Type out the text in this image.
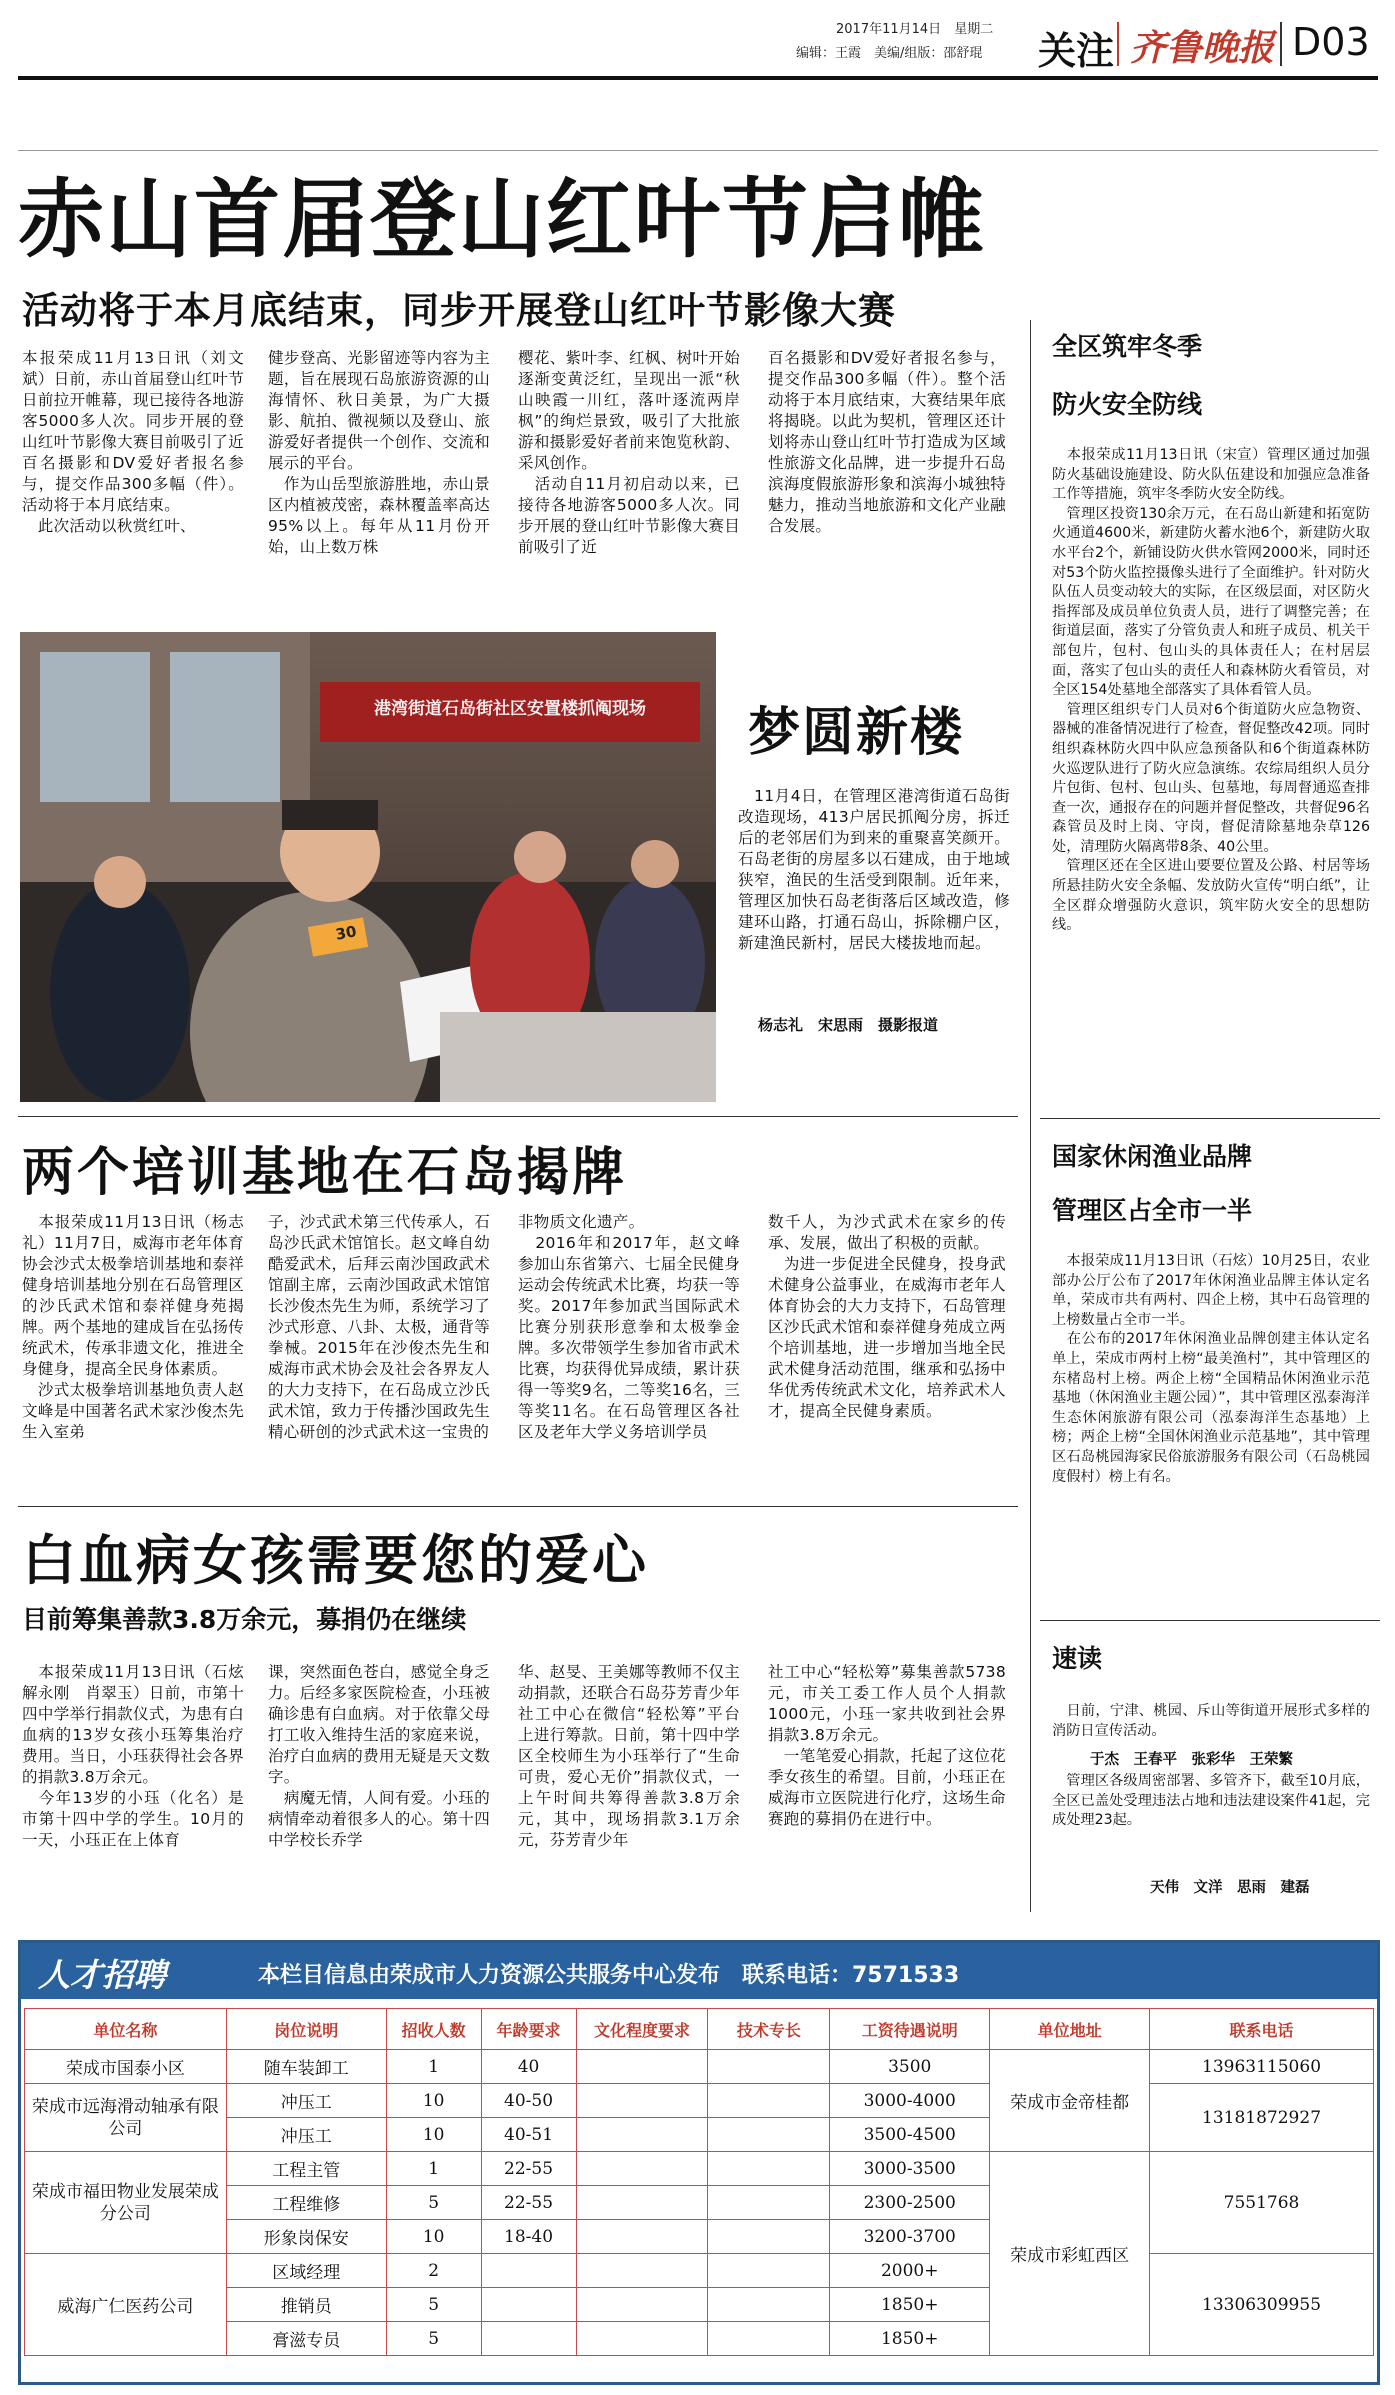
2017年11月14日　 星期二
编辑：王霞　 美编/组版：邵舒琨 关注 齐鲁晚报 D03
赤山首届登山红叶节启帷
活动将于本月底结束，同步开展登山红叶节影像大赛
本报荣成11月13日讯（刘文斌）日前，赤山首届登山红叶节日前拉开帷幕，现已接待各地游客5000多人次。同步开展的登山红叶节影像大赛目前吸引了近百名摄影和DV爱好者报名参与，提交作品300多幅（件）。活动将于本月底结束。
　此次活动以秋赏红叶、
健步登高、光影留迹等内容为主题，旨在展现石岛旅游资源的山海情怀、秋日美景，为广大摄影、航拍、微视频以及登山、旅游爱好者提供一个创作、交流和展示的平台。
　作为山岳型旅游胜地，赤山景区内植被茂密，森林覆盖率高达95%以上。每年从11月份开始，山上数万株
樱花、紫叶李、红枫、树叶开始逐渐变黄泛红，呈现出一派“秋山映霞一川红，落叶逐流两岸枫”的绚烂景致，吸引了大批旅游和摄影爱好者前来饱览秋韵、采风创作。
　活动自11月初启动以来，已接待各地游客5000多人次。同步开展的登山红叶节影像大赛目前吸引了近
百名摄影和DV爱好者报名参与，提交作品300多幅（件）。整个活动将于本月底结束，大赛结果年底将揭晓。以此为契机，管理区还计划将赤山登山红叶节打造成为区域性旅游文化品牌，进一步提升石岛滨海度假旅游形象和滨海小城独特魅力，推动当地旅游和文化产业融合发展。
港湾街道石岛街社区安置楼抓阄现场
30
梦圆新楼
　11月4日，在管理区港湾街道石岛街改造现场，413户居民抓阄分房，拆迁后的老邻居们为到来的重聚喜笑颜开。石岛老街的房屋多以石建成，由于地域狭窄，渔民的生活受到限制。近年来，管理区加快石岛老街落后区域改造，修建环山路，打通石岛山，拆除棚户区，新建渔民新村，居民大楼拔地而起。
杨志礼　宋思雨　摄影报道
全区筑牢冬季
防火安全防线
　本报荣成11月13日讯（宋宣）管理区通过加强防火基础设施建设、防火队伍建设和加强应急准备工作等措施，筑牢冬季防火安全防线。
　管理区投资130余万元，在石岛山新建和拓宽防火通道4600米，新建防火蓄水池6个，新建防火取水平台2个，新铺设防火供水管网2000米，同时还对53个防火监控摄像头进行了全面维护。针对防火队伍人员变动较大的实际，在区级层面，对区防火指挥部及成员单位负责人员，进行了调整完善；在街道层面，落实了分管负责人和班子成员、机关干部包片，包村、包山头的具体责任人；在村居层面，落实了包山头的责任人和森林防火看管员，对全区154处墓地全部落实了具体看管人员。
　管理区组织专门人员对6个街道防火应急物资、器械的准备情况进行了检查，督促整改42项。同时组织森林防火四中队应急预备队和6个街道森林防火巡逻队进行了防火应急演练。农综局组织人员分片包街、包村、包山头、包墓地，每周督通巡查排查一次，通报存在的问题并督促整改，共督促96名森管员及时上岗、守岗，督促清除墓地杂草126处，清理防火隔离带8条、40公里。
　管理区还在全区进山要要位置及公路、村居等场所悬挂防火安全条幅、发放防火宣传“明白纸”，让全区群众增强防火意识，筑牢防火安全的思想防线。
两个培训基地在石岛揭牌
　本报荣成11月13日讯（杨志礼）11月7日，威海市老年体育协会沙式太极拳培训基地和泰祥健身培训基地分别在石岛管理区的沙氏武术馆和泰祥健身苑揭牌。两个基地的建成旨在弘扬传统武术，传承非遗文化，推进全身健身，提高全民身体素质。
　沙式太极拳培训基地负责人赵文峰是中国著名武术家沙俊杰先生入室弟
子，沙式武术第三代传承人，石岛沙氏武术馆馆长。赵文峰自幼酷爱武术，后拜云南沙国政武术馆副主席，云南沙国政武术馆馆长沙俊杰先生为师，系统学习了沙式形意、八卦、太极，通背等拳械。2015年在沙俊杰先生和威海市武术协会及社会各界友人的大力支持下，在石岛成立沙氏武术馆，致力于传播沙国政先生精心研创的沙式武术这一宝贵的
非物质文化遗产。
　2016年和2017年，赵文峰参加山东省第六、七届全民健身运动会传统武术比赛，均获一等奖。2017年参加武当国际武术比赛分别获形意拳和太极拳金牌。多次带领学生参加省市武术比赛，均获得优异成绩，累计获得一等奖9名，二等奖16名，三等奖11名。在石岛管理区各社区及老年大学义务培训学员
数千人，为沙式武术在家乡的传承、发展，做出了积极的贡献。
　为进一步促进全民健身，投身武术健身公益事业，在威海市老年人体育协会的大力支持下，石岛管理区沙氏武术馆和泰祥健身苑成立两个培训基地，进一步增加当地全民武术健身活动范围，继承和弘扬中华优秀传统武术文化，培养武术人才，提高全民健身素质。
国家休闲渔业品牌
管理区占全市一半
　本报荣成11月13日讯（石炫）10月25日，农业部办公厅公布了2017年休闲渔业品牌主体认定名单，荣成市共有两村、四企上榜，其中石岛管理的上榜数量占全市一半。
　在公布的2017年休闲渔业品牌创建主体认定名单上，荣成市两村上榜“最美渔村”，其中管理区的东楮岛村上榜。两企上榜“全国精品休闲渔业示范基地（休闲渔业主题公园）”，其中管理区泓泰海洋生态休闲旅游有限公司（泓泰海洋生态基地）上榜；两企上榜“全国休闲渔业示范基地”，其中管理区石岛桃园海家民俗旅游服务有限公司（石岛桃园度假村）榜上有名。
白血病女孩需要您的爱心
目前筹集善款3.8万余元，募捐仍在继续
　本报荣成11月13日讯（石炫　解永刚　肖翠玉）日前，市第十四中学举行捐款仪式，为患有白血病的13岁女孩小珏筹集治疗费用。当日，小珏获得社会各界的捐款3.8万余元。
　今年13岁的小珏（化名）是市第十四中学的学生。10月的一天，小珏正在上体育
课，突然面色苍白，感觉全身乏力。后经多家医院检查，小珏被确诊患有白血病。对于依靠父母打工收入维持生活的家庭来说，治疗白血病的费用无疑是天文数字。
　病魔无情，人间有爱。小珏的病情牵动着很多人的心。第十四中学校长乔学
华、赵旻、王美娜等教师不仅主动捐款，还联合石岛芬芳青少年社工中心在微信“轻松筹”平台上进行筹款。日前，第十四中学区全校师生为小珏举行了“生命可贵，爱心无价”捐款仪式，一上午时间共筹得善款3.8万余元，其中，现场捐款3.1万余元，芬芳青少年
社工中心“轻松筹”募集善款5738元，市关工委工作人员个人捐款1000元，小珏一家共收到社会界捐款3.8万余元。
　一笔笔爱心捐款，托起了这位花季女孩生的希望。目前，小珏正在威海市立医院进行化疗，这场生命赛跑的募捐仍在进行中。
速读
　日前，宁津、桃园、斥山等街道开展形式多样的消防日宣传活动。
于杰　王春平　张彩华　王荣繁
　管理区各级周密部署、多管齐下，截至10月底，全区已盖处受理违法占地和违法建设案件41起，完成处理23起。
天伟　文洋　思雨　建磊
人才招聘	本栏目信息由荣成市人力资源公共服务中心发布　联系电话：7571533
单位名称	岗位说明	招收人数	年龄要求	文化程度要求	技术专长	工资待遇说明	单位地址	联系电话
荣成市国泰小区	随车装卸工	1	40			3500	荣成市金帝桂都	13963115060
荣成市远海滑动轴承有限公司	冲压工	10	40-50			3000-4000		13181872927
	冲压工	10	40-51			3500-4500		
荣成市福田物业发展荣成分公司	工程主管	1	22-55			3000-3500	荣成市彩虹西区	7551768
	工程维修	5	22-55			2300-2500		
	形象岗保安	10	18-40			3200-3700		
威海广仁医药公司	区域经理	2				2000+		13306309955
	推销员	5				1850+		
	膏滋专员	5				1850+		
